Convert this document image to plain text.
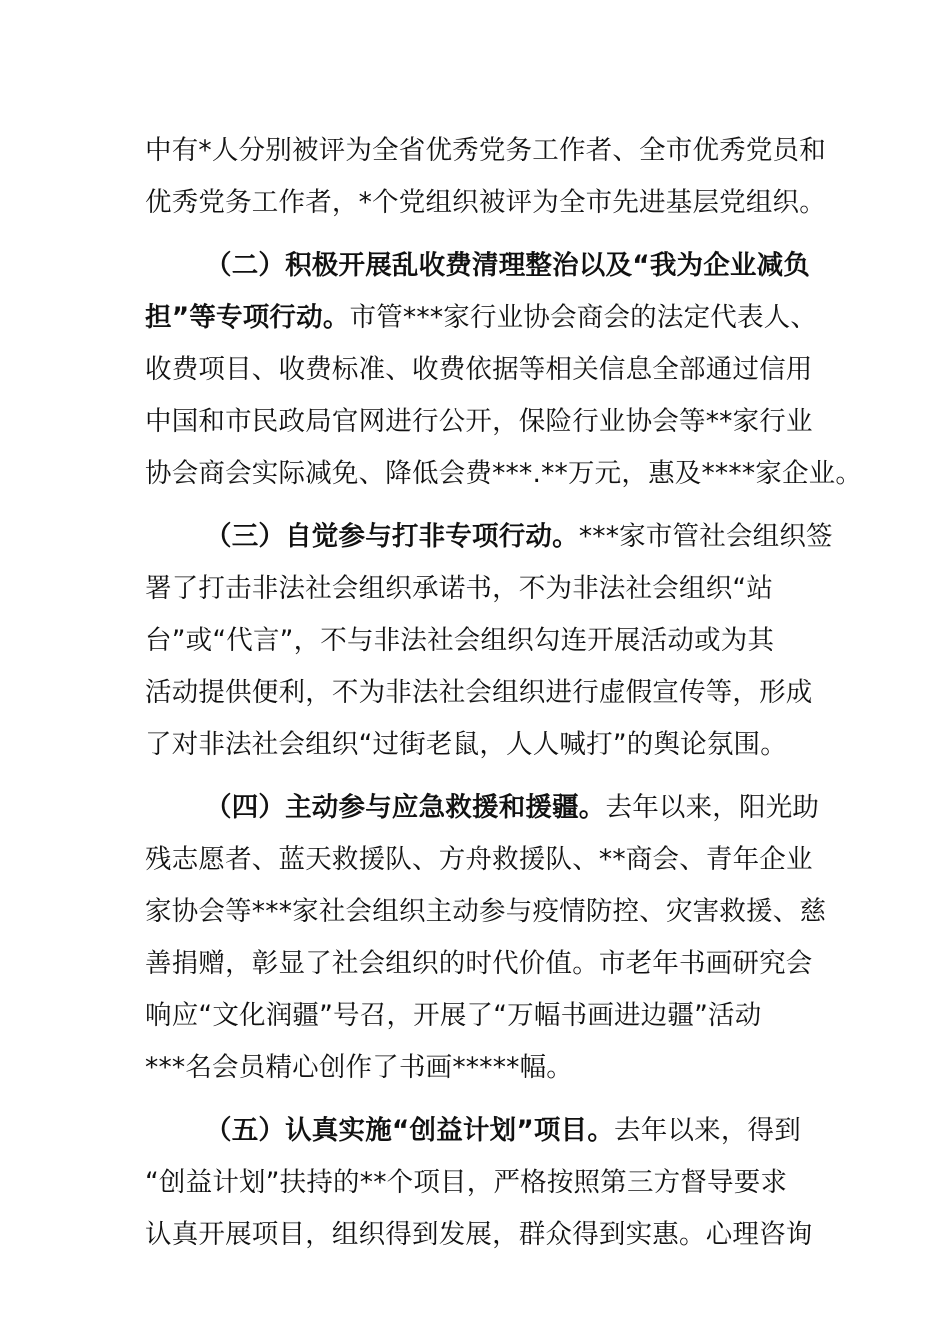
中有*人分别被评为全省优秀党务工作者、全市优秀党员和
优秀党务工作者，*个党组织被评为全市先进基层党组织。
（二）积极开展乱收费清理整治以及“我为企业减负
担”等专项行动。市管***家行业协会商会的法定代表人、
收费项目、收费标准、收费依据等相关信息全部通过信用
中国和市民政局官网进行公开，保险行业协会等**家行业
协会商会实际减免、降低会费***.**万元，惠及****家企业。
（三）自觉参与打非专项行动。***家市管社会组织签
署了打击非法社会组织承诺书，不为非法社会组织“站
台”或“代言”，不与非法社会组织勾连开展活动或为其
活动提供便利，不为非法社会组织进行虚假宣传等，形成
了对非法社会组织“过街老鼠，人人喊打”的舆论氛围。
（四）主动参与应急救援和援疆。去年以来，阳光助
残志愿者、蓝天救援队、方舟救援队、**商会、青年企业
家协会等***家社会组织主动参与疫情防控、灾害救援、慈
善捐赠，彰显了社会组织的时代价值。市老年书画研究会
响应“文化润疆”号召，开展了“万幅书画进边疆”活动
***名会员精心创作了书画*****幅。
（五）认真实施“创益计划”项目。去年以来，得到
“创益计划”扶持的**个项目，严格按照第三方督导要求
认真开展项目，组织得到发展，群众得到实惠。心理咨询
